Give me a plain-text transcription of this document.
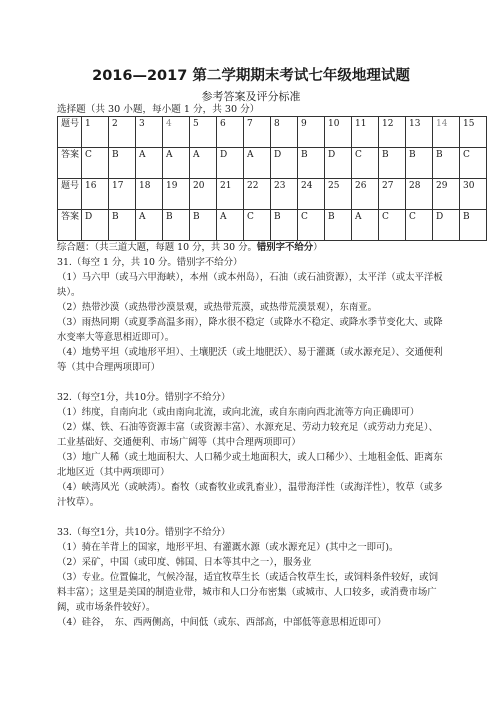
2016—2017 第二学期期末考试七年级地理试题
参考答案及评分标准
选择题（共 30 小题，每小题 1 分，共 30 分）
题号	1	2	3	4	5	6	7	8	9	10	11	12	13	14	15
答案	C	B	A	A	A	D	A	D	B	D	C	B	B	B	C
题号	16	17	18	19	20	21	22	23	24	25	26	27	28	29	30
答案	D	B	A	B	B	A	C	B	C	B	A	C	C	D	B

综合题：（共三道大题，每题 10 分，共 30 分。错别字不给分）

31.（每空 1 分，共 10 分。错别字不给分）

（1）马六甲（或马六甲海峡），本州（或本州岛），石油（或石油资源），太平洋（或太平洋板块）。

（2）热带沙漠（或热带沙漠景观，或热带荒漠，或热带荒漠景观），东南亚。

（3）雨热同期（或夏季高温多雨），降水很不稳定（或降水不稳定、或降水季节变化大、或降水变率大等意思相近即可）。

（4）地势平坦（或地形平坦）、土壤肥沃（或土地肥沃）、易于灌溉（或水源充足）、交通便利等（其中合理两项即可）

32.（每空1分，共10分。错别字不给分）

（1）纬度，自南向北（或由南向北流，或向北流，或自东南向西北流等方向正确即可）

（2）煤、铁、石油等资源丰富（或资源丰富）、水源充足、劳动力较充足（或劳动力充足）、工业基础好、交通便利、市场广阔等（其中合理两项即可）

（3）地广人稀（或土地面积大、人口稀少或土地面积大，或人口稀少）、土地租金低、距离东北地区近（其中两项即可）

（4）峡湾风光（或峡湾）。畜牧（或畜牧业或乳畜业），温带海洋性（或海洋性），牧草（或多汁牧草）。

33.（每空1分，共10分。错别字不给分）

（1）骑在羊背上的国家，地形平坦、有灌溉水源（或水源充足）(其中之一即可)。

（2）采矿，中国（或印度、韩国、日本等其中之一），服务业

（3）专业。位置偏北，气候冷湿，适宜牧草生长（或适合牧草生长，或饲料条件较好，或饲料丰富）；这里是美国的制造业带，城市和人口分布密集（或城市、人口较多，或消费市场广阔，或市场条件较好）。

（4）硅谷，　东、西两侧高，中间低（或东、西部高，中部低等意思相近即可）
